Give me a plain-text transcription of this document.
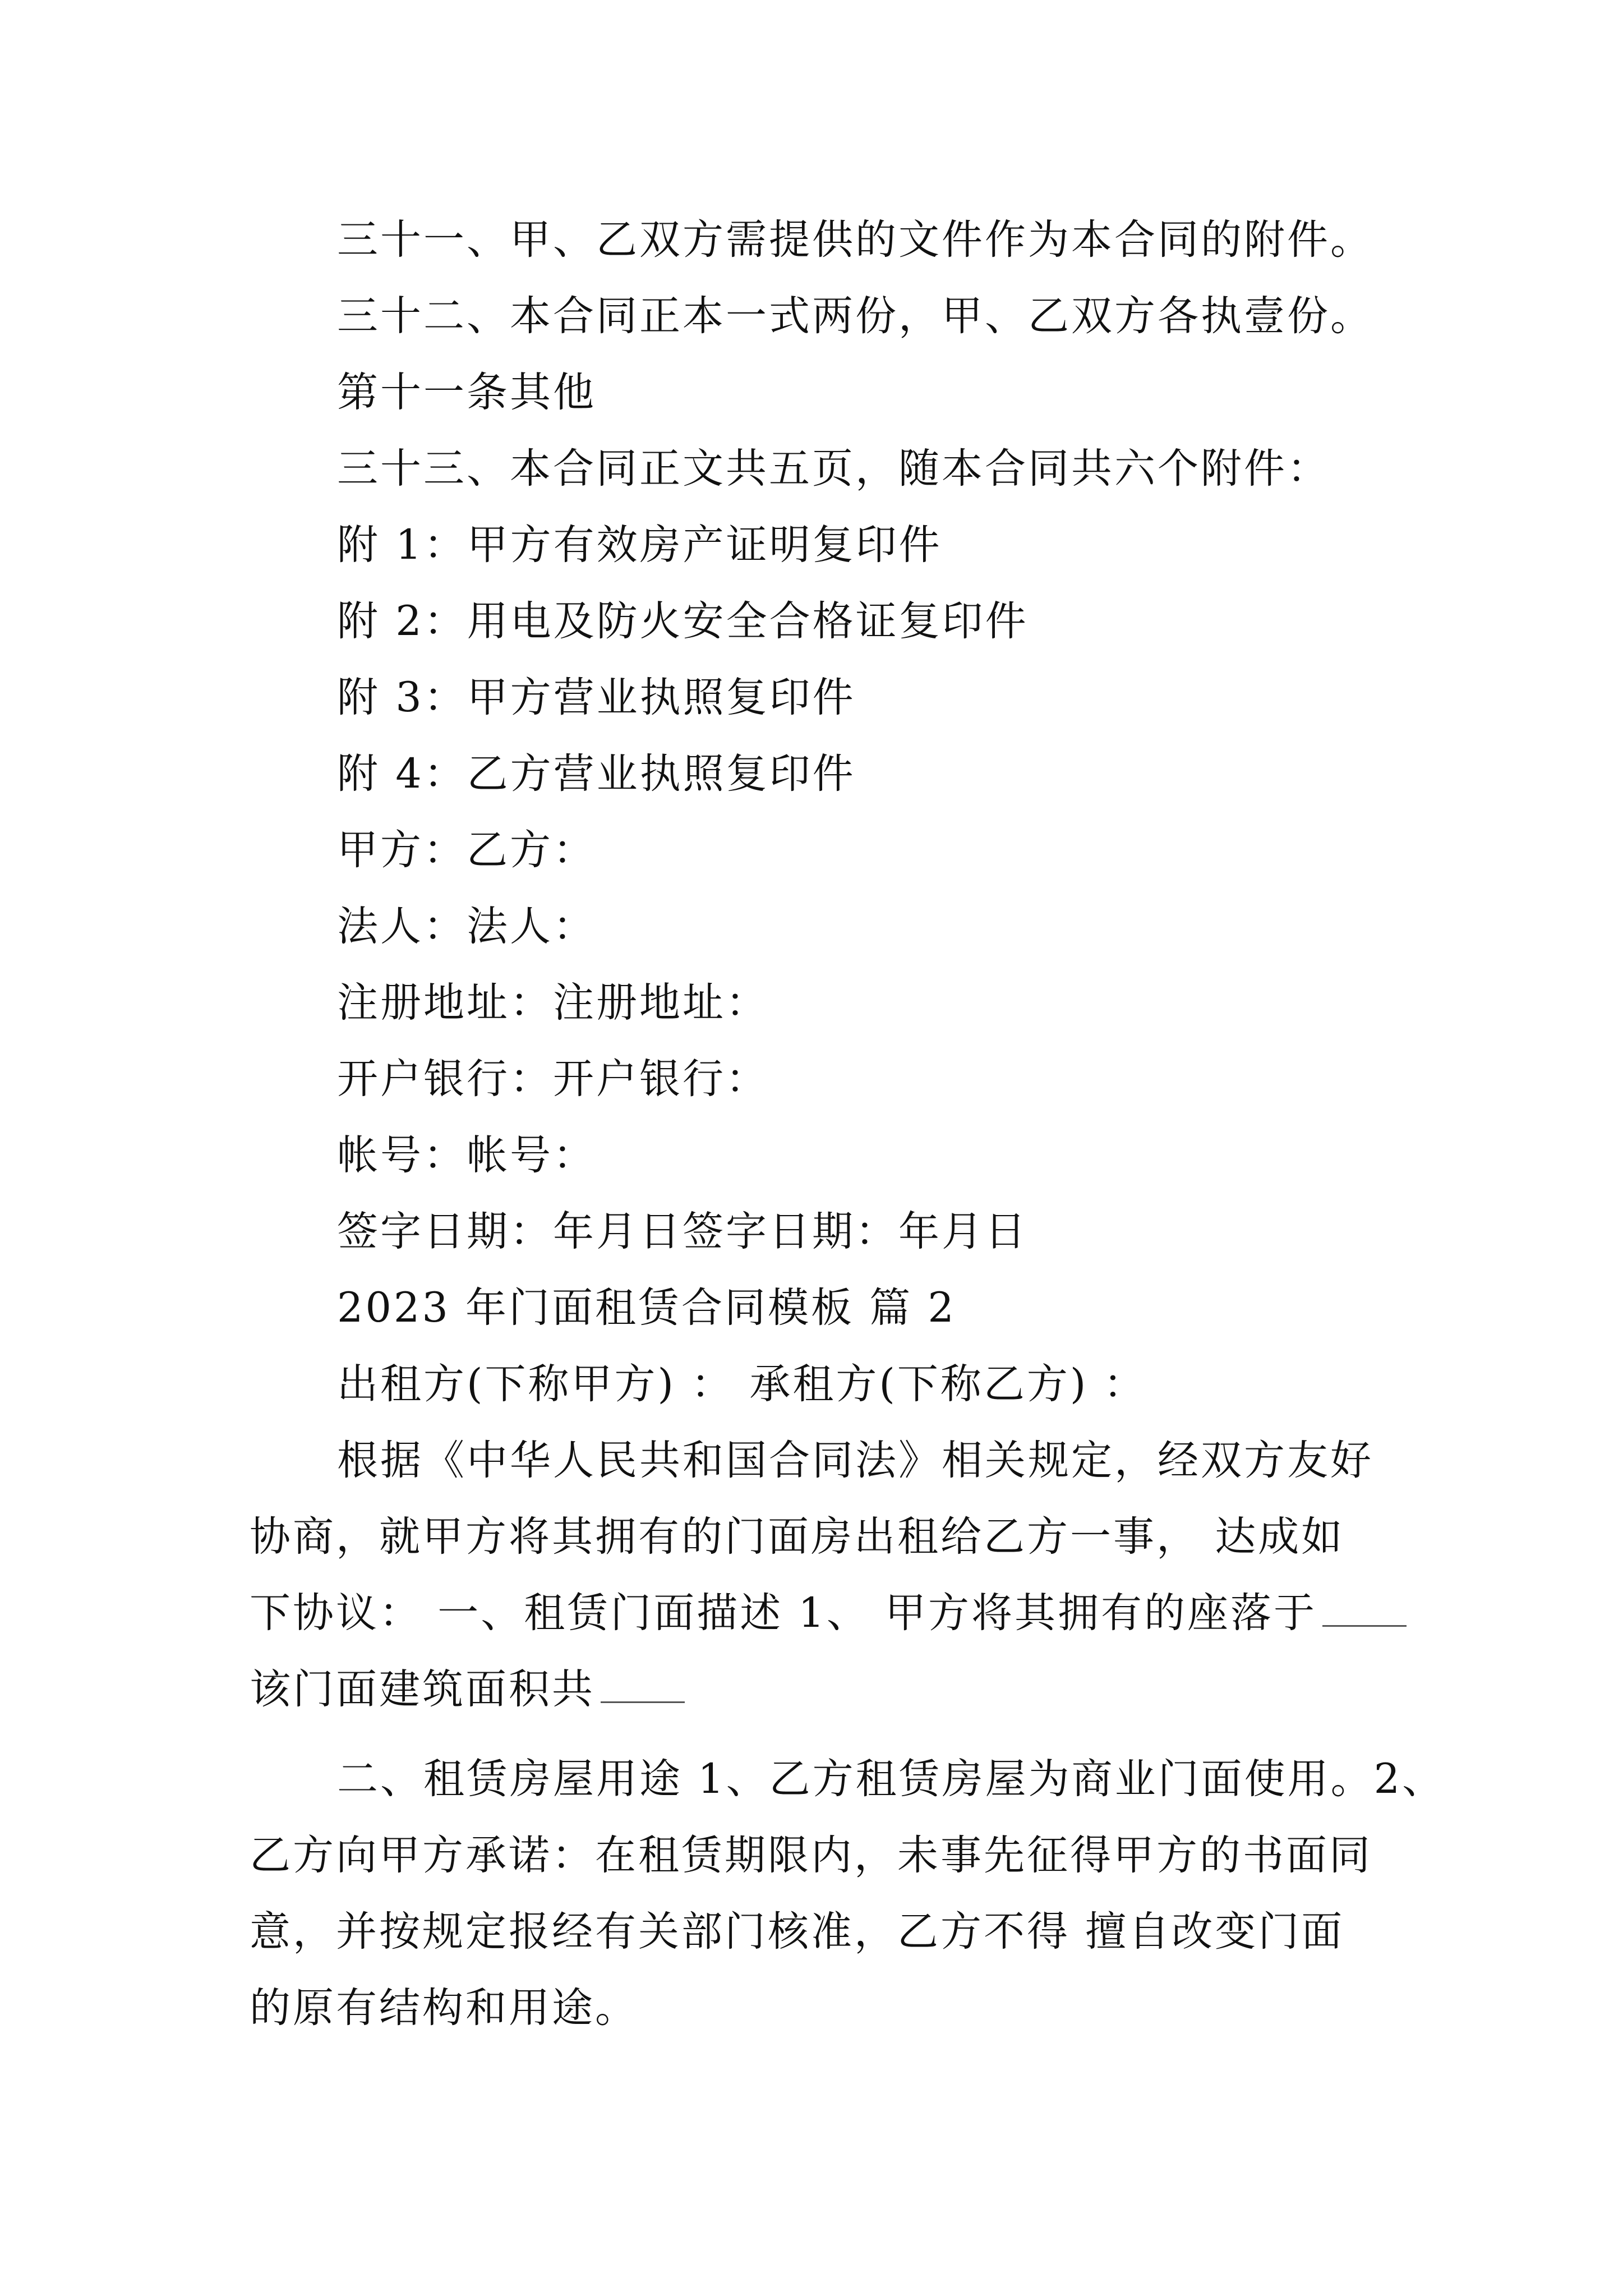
三十一、甲、乙双方需提供的文件作为本合同的附件。

三十二、本合同正本一式两份，甲、乙双方各执壹份。

第十一条其他

三十三、本合同正文共五页，随本合同共六个附件：

附 1：甲方有效房产证明复印件

附 2：用电及防火安全合格证复印件

附 3：甲方营业执照复印件

附 4：乙方营业执照复印件

甲方：乙方：

法人：法人：

注册地址：注册地址：

开户银行：开户银行：

帐号：帐号：

签字日期：年月日签字日期：年月日

2023 年门面租赁合同模板 篇 2

出租方(下称甲方) ： 承租方(下称乙方) ：

根据《中华人民共和国合同法》相关规定，经双方友好

协商，就甲方将其拥有的门面房出租给乙方一事， 达成如

下协议： 一、租赁门面描述 1、 甲方将其拥有的座落于

该门面建筑面积共

二、租赁房屋用途 1、乙方租赁房屋为商业门面使用。2、

乙方向甲方承诺：在租赁期限内，未事先征得甲方的书面同

意，并按规定报经有关部门核准，乙方不得 擅自改变门面

的原有结构和用途。
